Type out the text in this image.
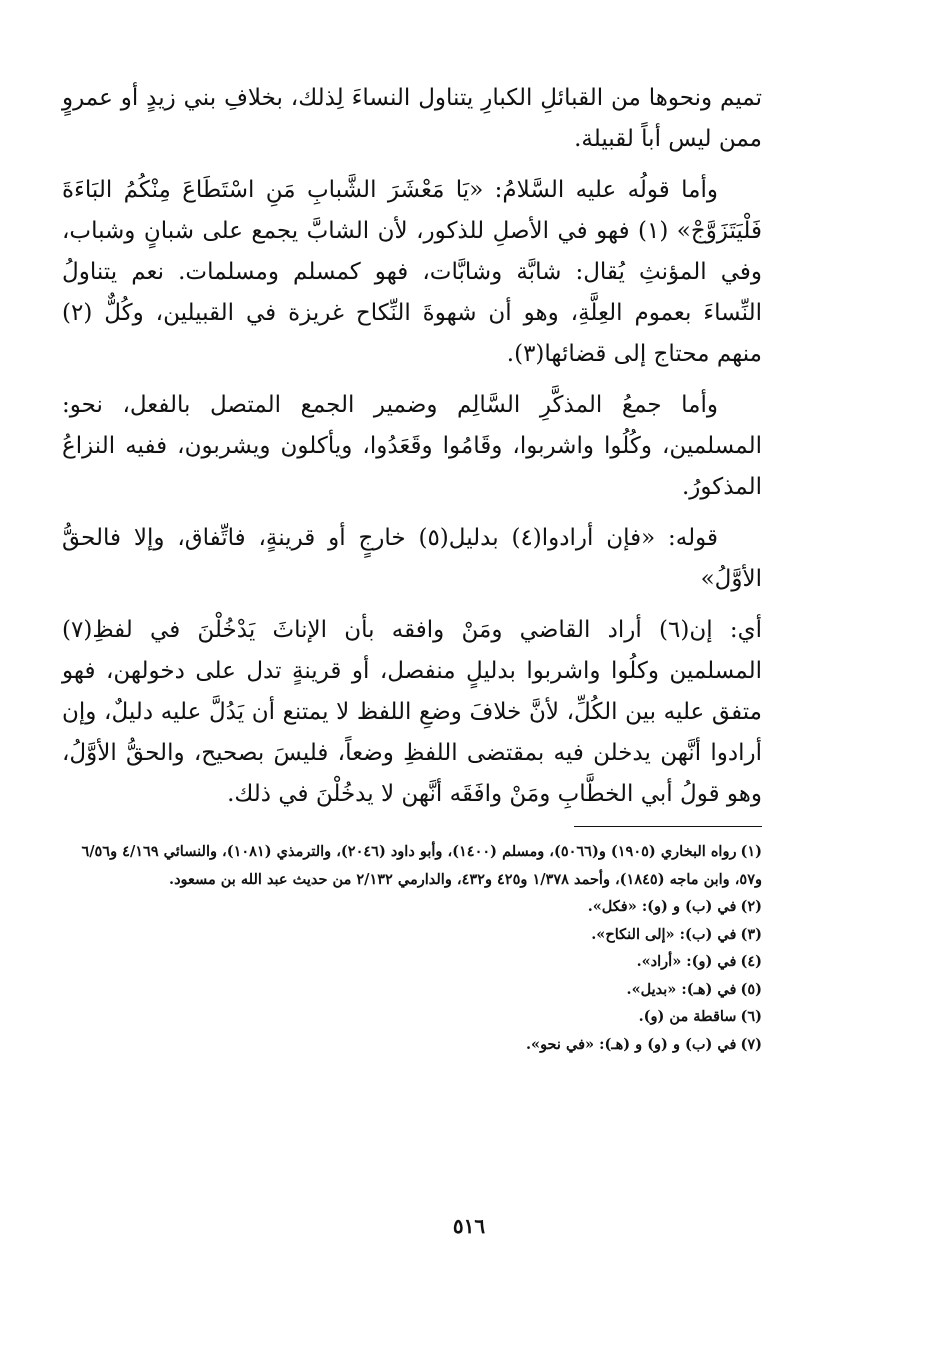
تميم ونحوها من القبائلِ الكبارِ يتناول النساءَ لِذلك، بخلافِ بني زيدٍ أو عمروٍ ممن ليس أباً لقبيلة.

وأما قولُه عليه السَّلامُ: «يَا مَعْشَرَ الشَّبابِ مَنِ اسْتَطَاعَ مِنْكُمُ البَاءَةَ فَلْيَتَزَوَّجْ» (١) فهو في الأصلِ للذكور، لأن الشابَّ يجمع على شبانٍ وشباب، وفي المؤنثِ يُقال: شابَّة وشابَّات، فهو كمسلم ومسلمات. نعم يتناولُ النِّساءَ بعموم العِلَّةِ، وهو أن شهوةَ النِّكاح غريزة في القبيلين، وكُلٌّ (٢) منهم محتاج إلى قضائها(٣).

وأما جمعُ المذكَّرِ السَّالِم وضمير الجمع المتصل بالفعل، نحو: المسلمين، وكُلُوا واشربوا، وقَامُوا وقَعَدُوا، ويأكلون ويشربون، ففيه النزاعُ المذكورُ.

قوله: «فإن أرادوا(٤) بدليل(٥) خارجٍ أو قرينةٍ، فاتِّفاق، وإلا فالحقُّ الأوَّلُ»

أي: إن(٦) أراد القاضي ومَنْ وافقه بأن الإناثَ يَدْخُلْنَ في لفظِ(٧) المسلمين وكلُوا واشربوا بدليلٍ منفصل، أو قرينةٍ تدل على دخولهن، فهو متفق عليه بين الكُلِّ، لأنَّ خلافَ وضعِ اللفظ لا يمتنع أن يَدُلَّ عليه دليلٌ، وإن أرادوا أنَّهن يدخلن فيه بمقتضى اللفظِ وضعاً، فليسَ بصحيح، والحقُّ الأوَّلُ، وهو قولُ أبي الخطَّابِ ومَنْ وافَقَه أنَّهن لا يدخُلْنَ في ذلك.

(١)رواه البخاري (١٩٠٥) و(٥٠٦٦)، ومسلم (١٤٠٠)، وأبو داود (٢٠٤٦)، والترمذي (١٠٨١)، والنسائي ٤/١٦٩ و٦/٥٦ و٥٧، وابن ماجه (١٨٤٥)، وأحمد ١/٣٧٨ و٤٢٥ و٤٣٢، والدارمي ٢/١٣٢ من حديث عبد الله بن مسعود.

(٢)في (ب) و (و): «فكل».

(٣)في (ب): «إلى النكاح».

(٤)في (و): «أراد».

(٥)في (هـ): «بديل».

(٦)ساقطة من (و).

(٧)في (ب) و (و) و (هـ): «في نحو».

٥١٦
